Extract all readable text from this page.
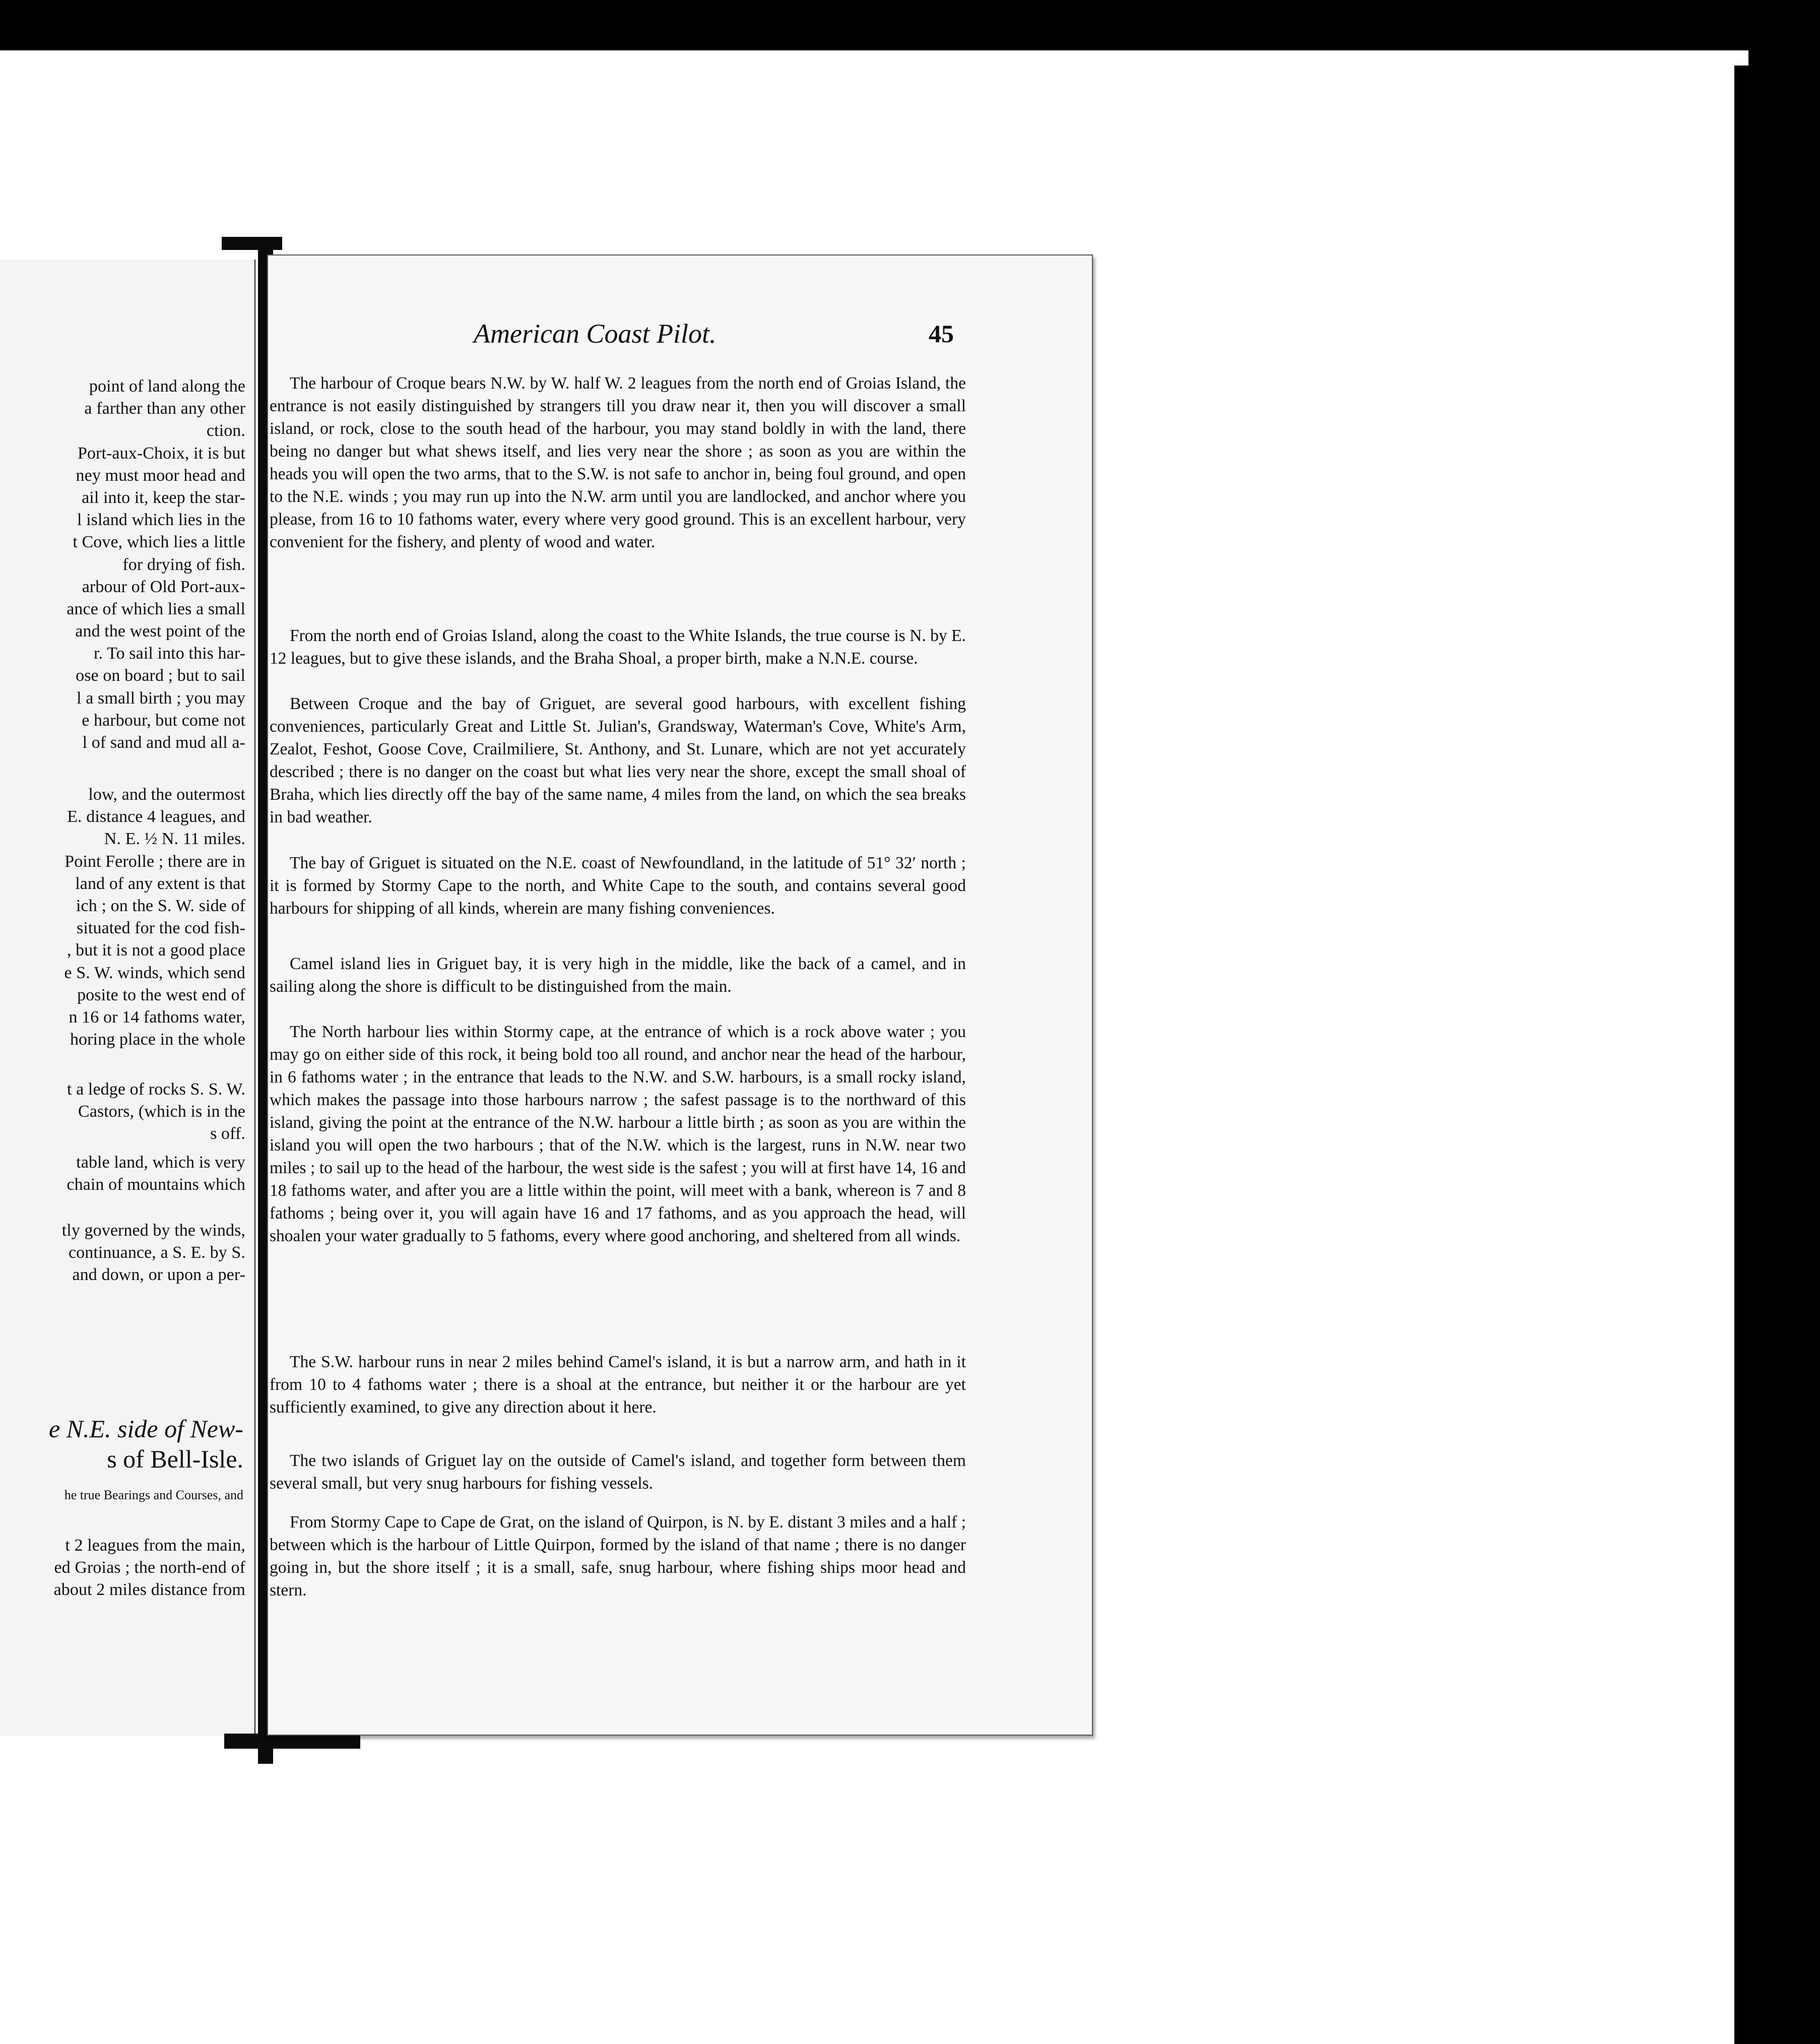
point of land along the
a farther than any other
ction.
Port-aux-Choix, it is but
ney must moor head and
ail into it, keep the star-
l island which lies in the
t Cove, which lies a little
for drying of fish.
arbour of Old Port-aux-
ance of which lies a small
and the west point of the
r. To sail into this har-
ose on board ; but to sail
l a small birth ; you may
e harbour, but come not
l of sand and mud all a-
low, and the outermost
E. distance 4 leagues, and
N. E. ½ N. 11 miles.
Point Ferolle ; there are in
land of any extent is that
ich ; on the S. W. side of
situated for the cod fish-
, but it is not a good place
e S. W. winds, which send
posite to the west end of
n 16 or 14 fathoms water,
horing place in the whole
t a ledge of rocks S. S. W.
Castors, (which is in the
s off.
table land, which is very
chain of mountains which
tly governed by the winds,
continuance, a S. E. by S.
and down, or upon a per-
e N.E. side of New-
s of Bell-Isle.
he true Bearings and Courses, and
t 2 leagues from the main,
ed Groias ; the north-end of
about 2 miles distance from
American Coast Pilot.	45

The harbour of Croque bears N.W. by W. half W. 2 leagues from the north end of Groias Island, the entrance is not easily distinguished by strangers till you draw near it, then you will discover a small island, or rock, close to the south head of the harbour, you may stand boldly in with the land, there being no danger but what shews itself, and lies very near the shore ; as soon as you are within the heads you will open the two arms, that to the S.W. is not safe to anchor in, being foul ground, and open to the N.E. winds ; you may run up into the N.W. arm until you are landlocked, and anchor where you please, from 16 to 10 fathoms water, every where very good ground. This is an excellent harbour, very convenient for the fishery, and plenty of wood and water.

From the north end of Groias Island, along the coast to the White Islands, the true course is N. by E. 12 leagues, but to give these islands, and the Braha Shoal, a proper birth, make a N.N.E. course.

Between Croque and the bay of Griguet, are several good harbours, with excellent fishing conveniences, particularly Great and Little St. Julian's, Grandsway, Waterman's Cove, White's Arm, Zealot, Feshot, Goose Cove, Crailmiliere, St. Anthony, and St. Lunare, which are not yet accurately described ; there is no danger on the coast but what lies very near the shore, except the small shoal of Braha, which lies directly off the bay of the same name, 4 miles from the land, on which the sea breaks in bad weather.

The bay of Griguet is situated on the N.E. coast of Newfoundland, in the latitude of 51° 32′ north ; it is formed by Stormy Cape to the north, and White Cape to the south, and contains several good harbours for shipping of all kinds, wherein are many fishing conveniences.

Camel island lies in Griguet bay, it is very high in the middle, like the back of a camel, and in sailing along the shore is difficult to be distinguished from the main.

The North harbour lies within Stormy cape, at the entrance of which is a rock above water ; you may go on either side of this rock, it being bold too all round, and anchor near the head of the harbour, in 6 fathoms water ; in the entrance that leads to the N.W. and S.W. harbours, is a small rocky island, which makes the passage into those harbours narrow ; the safest passage is to the northward of this island, giving the point at the entrance of the N.W. harbour a little birth ; as soon as you are within the island you will open the two harbours ; that of the N.W. which is the largest, runs in N.W. near two miles ; to sail up to the head of the harbour, the west side is the safest ; you will at first have 14, 16 and 18 fathoms water, and after you are a little within the point, will meet with a bank, whereon is 7 and 8 fathoms ; being over it, you will again have 16 and 17 fathoms, and as you approach the head, will shoalen your water gradually to 5 fathoms, every where good anchoring, and sheltered from all winds.

The S.W. harbour runs in near 2 miles behind Camel's island, it is but a narrow arm, and hath in it from 10 to 4 fathoms water ; there is a shoal at the entrance, but neither it or the harbour are yet sufficiently examined, to give any direction about it here.

The two islands of Griguet lay on the outside of Camel's island, and together form between them several small, but very snug harbours for fishing vessels.

From Stormy Cape to Cape de Grat, on the island of Quirpon, is N. by E. distant 3 miles and a half ; between which is the harbour of Little Quirpon, formed by the island of that name ; there is no danger going in, but the shore itself ; it is a small, safe, snug harbour, where fishing ships moor head and stern.
